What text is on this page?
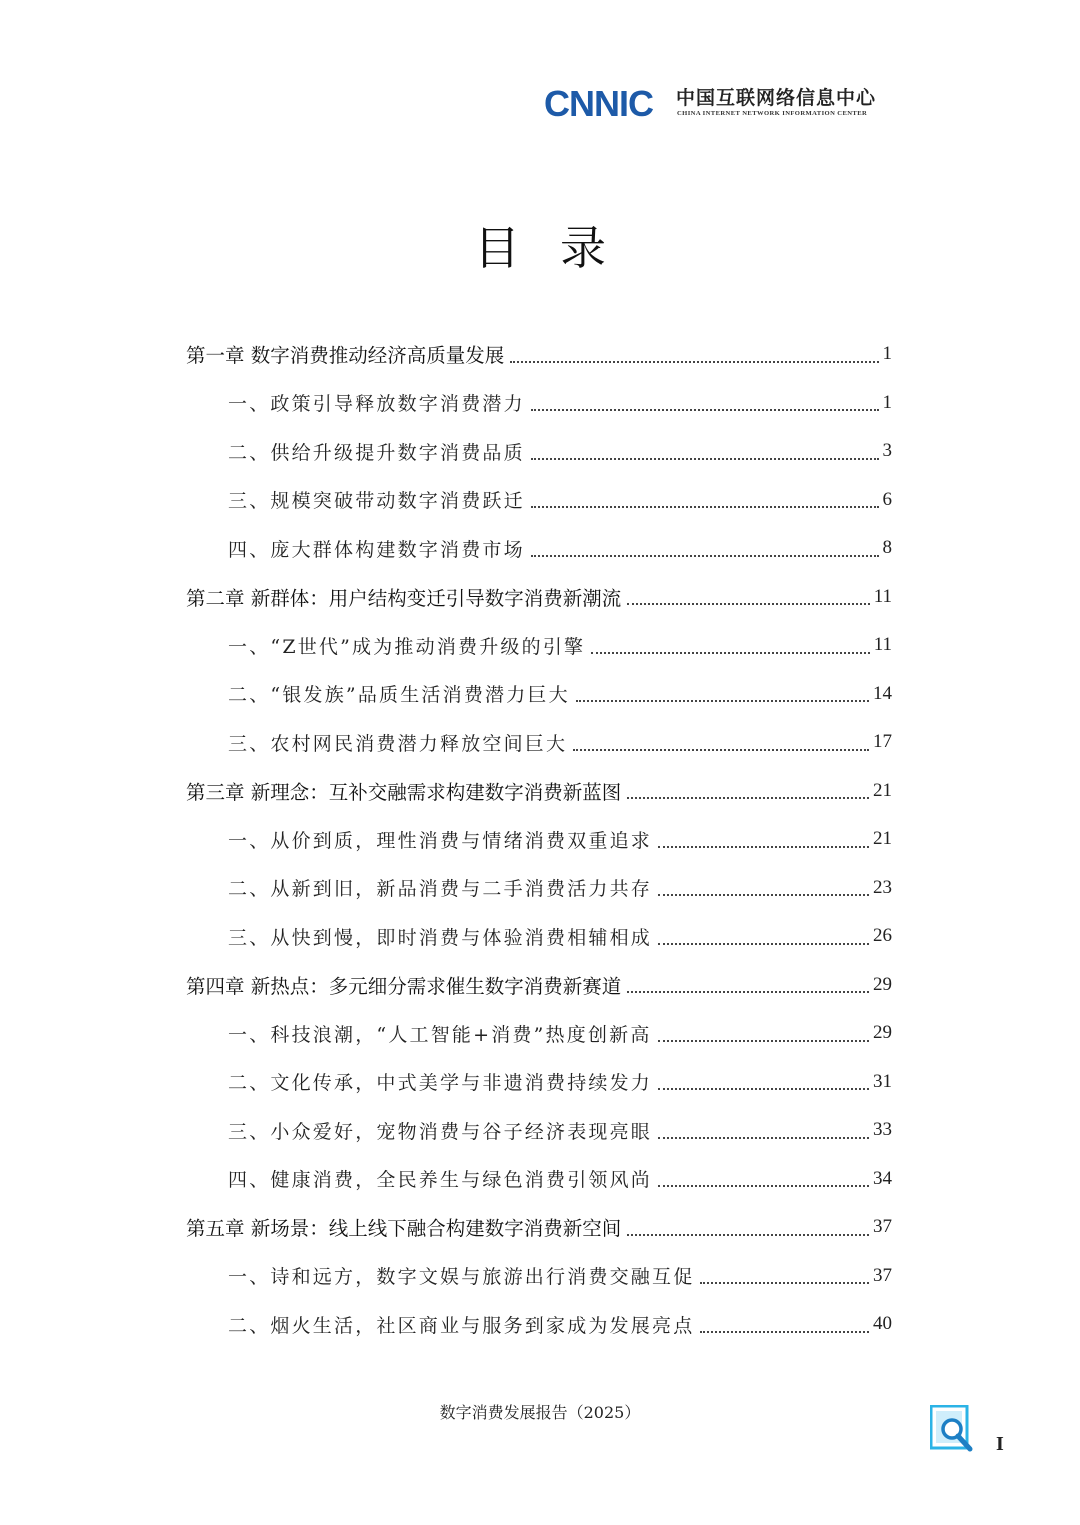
CNNIC 中国互联网络信息中心
CHINA INTERNET NETWORK INFORMATION CENTER
目录
第一章 数字消费推动经济高质量发展	1
一、政策引导释放数字消费潜力	1
二、供给升级提升数字消费品质	3
三、规模突破带动数字消费跃迁	6
四、庞大群体构建数字消费市场	8
第二章 新群体：用户结构变迁引导数字消费新潮流	11
一、“Z世代”成为推动消费升级的引擎	11
二、“银发族”品质生活消费潜力巨大	14
三、农村网民消费潜力释放空间巨大	17
第三章 新理念：互补交融需求构建数字消费新蓝图	21
一、从价到质，理性消费与情绪消费双重追求	21
二、从新到旧，新品消费与二手消费活力共存	23
三、从快到慢，即时消费与体验消费相辅相成	26
第四章 新热点：多元细分需求催生数字消费新赛道	29
一、科技浪潮，“人工智能+消费”热度创新高	29
二、文化传承，中式美学与非遗消费持续发力	31
三、小众爱好，宠物消费与谷子经济表现亮眼	33
四、健康消费，全民养生与绿色消费引领风尚	34
第五章 新场景：线上线下融合构建数字消费新空间	37
一、诗和远方，数字文娱与旅游出行消费交融互促	37
二、烟火生活，社区商业与服务到家成为发展亮点	40
数字消费发展报告（2025）
I
